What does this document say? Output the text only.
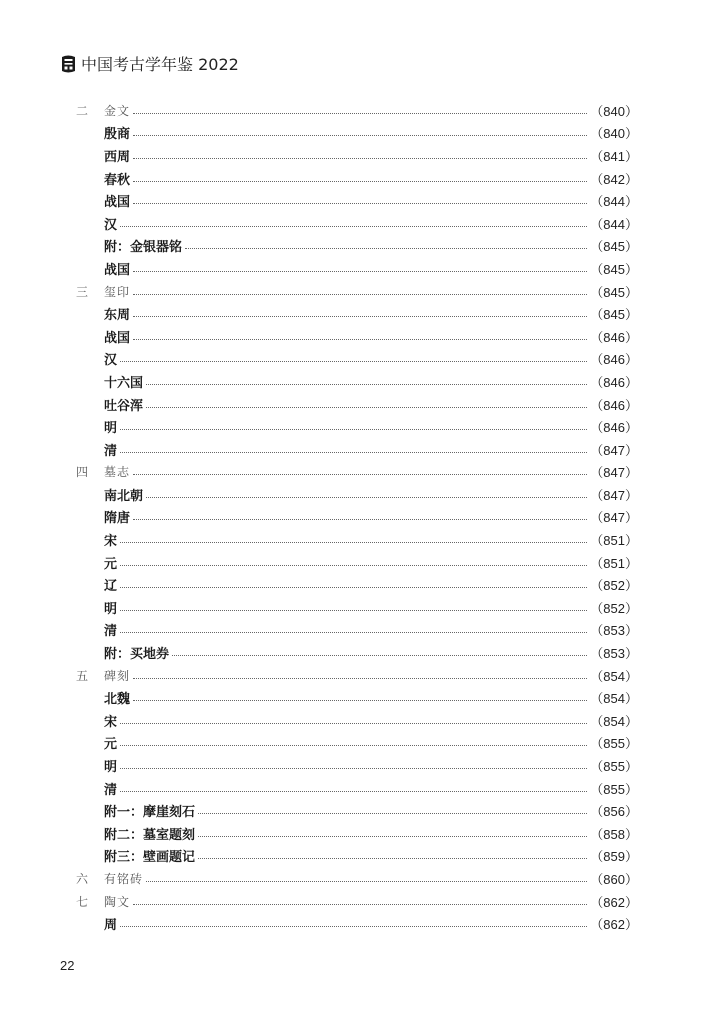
中国考古学年鉴 2022
二	金文	（840）
殷商	（840）
西周	（841）
春秋	（842）
战国	（844）
汉	（844）
附：金银器铭	（845）
战国	（845）
三	玺印	（845）
东周	（845）
战国	（846）
汉	（846）
十六国	（846）
吐谷浑	（846）
明	（846）
清	（847）
四	墓志	（847）
南北朝	（847）
隋唐	（847）
宋	（851）
元	（851）
辽	（852）
明	（852）
清	（853）
附：买地券	（853）
五	碑刻	（854）
北魏	（854）
宋	（854）
元	（855）
明	（855）
清	（855）
附一：摩崖刻石	（856）
附二：墓室题刻	（858）
附三：壁画题记	（859）
六	有铭砖	（860）
七	陶文	（862）
周	（862）
22
